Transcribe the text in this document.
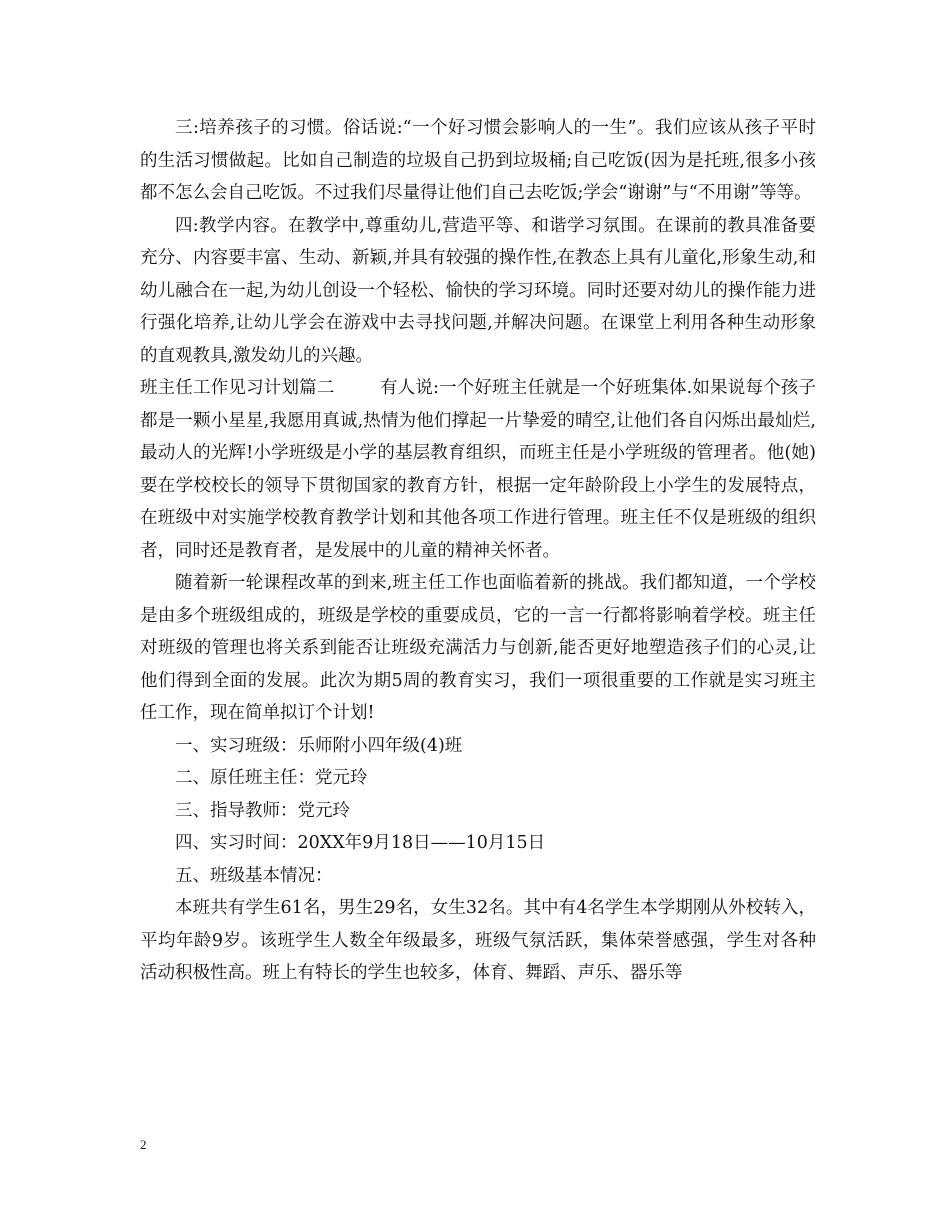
三:培养孩子的习惯。俗话说:“一个好习惯会影响人的一生”。我们应该从孩子平时的生活习惯做起。比如自己制造的垃圾自己扔到垃圾桶;自己吃饭(因为是托班,很多小孩都不怎么会自己吃饭。不过我们尽量得让他们自己去吃饭;学会“谢谢”与“不用谢”等等。

四:教学内容。在教学中,尊重幼儿,营造平等、和谐学习氛围。在课前的教具准备要充分、内容要丰富、生动、新颖,并具有较强的操作性,在教态上具有儿童化,形象生动,和幼儿融合在一起,为幼儿创设一个轻松、愉快的学习环境。同时还要对幼儿的操作能力进行强化培养,让幼儿学会在游戏中去寻找问题,并解决问题。在课堂上利用各种生动形象的直观教具,激发幼儿的兴趣。

班主任工作见习计划篇二	有人说:一个好班主任就是一个好班集体.如果说每个孩子都是一颗小星星,我愿用真诚,热情为他们撑起一片挚爱的晴空,让他们各自闪烁出最灿烂,最动人的光辉!小学班级是小学的基层教育组织，而班主任是小学班级的管理者。他(她)要在学校校长的领导下贯彻国家的教育方针，根据一定年龄阶段上小学生的发展特点，在班级中对实施学校教育教学计划和其他各项工作进行管理。班主任不仅是班级的组织者，同时还是教育者，是发展中的儿童的精神关怀者。

随着新一轮课程改革的到来,班主任工作也面临着新的挑战。我们都知道，一个学校是由多个班级组成的，班级是学校的重要成员，它的一言一行都将影响着学校。班主任对班级的管理也将关系到能否让班级充满活力与创新,能否更好地塑造孩子们的心灵,让他们得到全面的发展。此次为期5周的教育实习，我们一项很重要的工作就是实习班主任工作，现在简单拟订个计划!

一、实习班级：乐师附小四年级(4)班

二、原任班主任：党元玲

三、指导教师：党元玲

四、实习时间：20XX年9月18日——10月15日

五、班级基本情况：

本班共有学生61名，男生29名，女生32名。其中有4名学生本学期刚从外校转入，平均年龄9岁。该班学生人数全年级最多，班级气氛活跃，集体荣誉感强，学生对各种活动积极性高。班上有特长的学生也较多，体育、舞蹈、声乐、器乐等

2
